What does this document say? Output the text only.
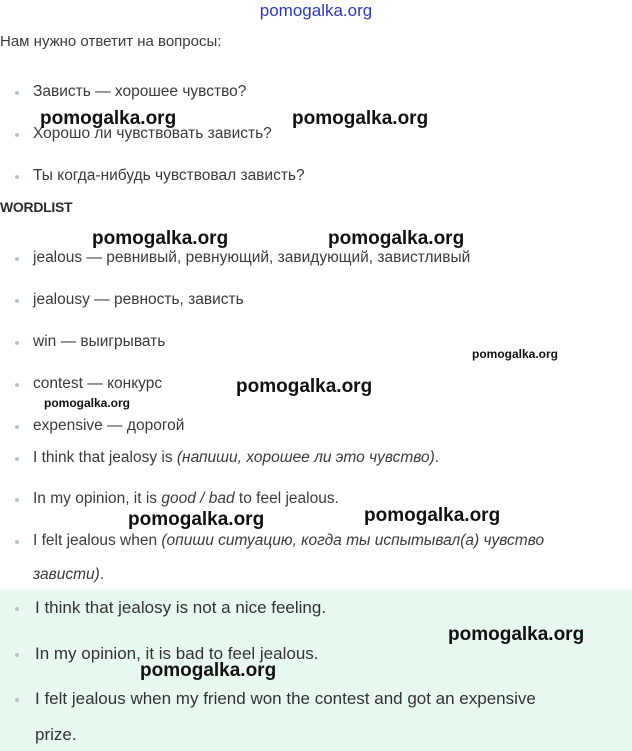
pomogalka.org
Нам нужно ответит на вопросы:
Зависть — хорошее чувство?
Хорошо ли чувствовать зависть?
Ты когда-нибудь чувствовал зависть?
WORDLIST
jealous — ревнивый, ревнующий, завидующий, завистливый
jealousy — ревность, зависть
win — выигрывать
contest — конкурс
expensive — дорогой
I think that jealosy is (напиши, хорошее ли это чувство).
In my opinion, it is good / bad to feel jealous.
I felt jealous when (опиши ситуацию, когда ты испытывал(а) чувство
зависти).
I think that jealosy is not a nice feeling.
In my opinion, it is bad to feel jealous.
I felt jealous when my friend won the contest and got an expensive
prize.
pomogalka.org	pomogalka.org
pomogalka.org	pomogalka.org
pomogalka.org
pomogalka.org
pomogalka.org
pomogalka.org	pomogalka.org
pomogalka.org
pomogalka.org
